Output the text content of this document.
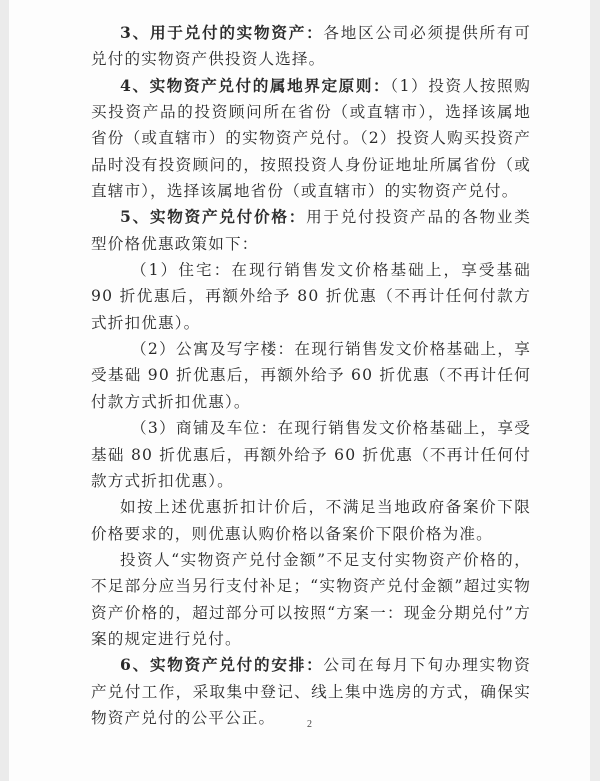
3、用于兑付的实物资产：各地区公司必须提供所有可兑付的实物资产供投资人选择。

4、实物资产兑付的属地界定原则：（1）投资人按照购买投资产品的投资顾问所在省份（或直辖市），选择该属地省份（或直辖市）的实物资产兑付。（2）投资人购买投资产品时没有投资顾问的，按照投资人身份证地址所属省份（或直辖市），选择该属地省份（或直辖市）的实物资产兑付。

5、实物资产兑付价格：用于兑付投资产品的各物业类型价格优惠政策如下：

（1）住宅：在现行销售发文价格基础上，享受基础 90 折优惠后，再额外给予 80 折优惠（不再计任何付款方式折扣优惠）。

（2）公寓及写字楼：在现行销售发文价格基础上，享受基础 90 折优惠后，再额外给予 60 折优惠（不再计任何付款方式折扣优惠）。

（3）商铺及车位：在现行销售发文价格基础上，享受基础 80 折优惠后，再额外给予 60 折优惠（不再计任何付款方式折扣优惠）。

如按上述优惠折扣计价后，不满足当地政府备案价下限价格要求的，则优惠认购价格以备案价下限价格为准。

投资人“实物资产兑付金额”不足支付实物资产价格的，不足部分应当另行支付补足；“实物资产兑付金额”超过实物资产价格的，超过部分可以按照“方案一：现金分期兑付”方案的规定进行兑付。

6、实物资产兑付的安排：公司在每月下旬办理实物资产兑付工作，采取集中登记、线上集中选房的方式，确保实物资产兑付的公平公正。	2
